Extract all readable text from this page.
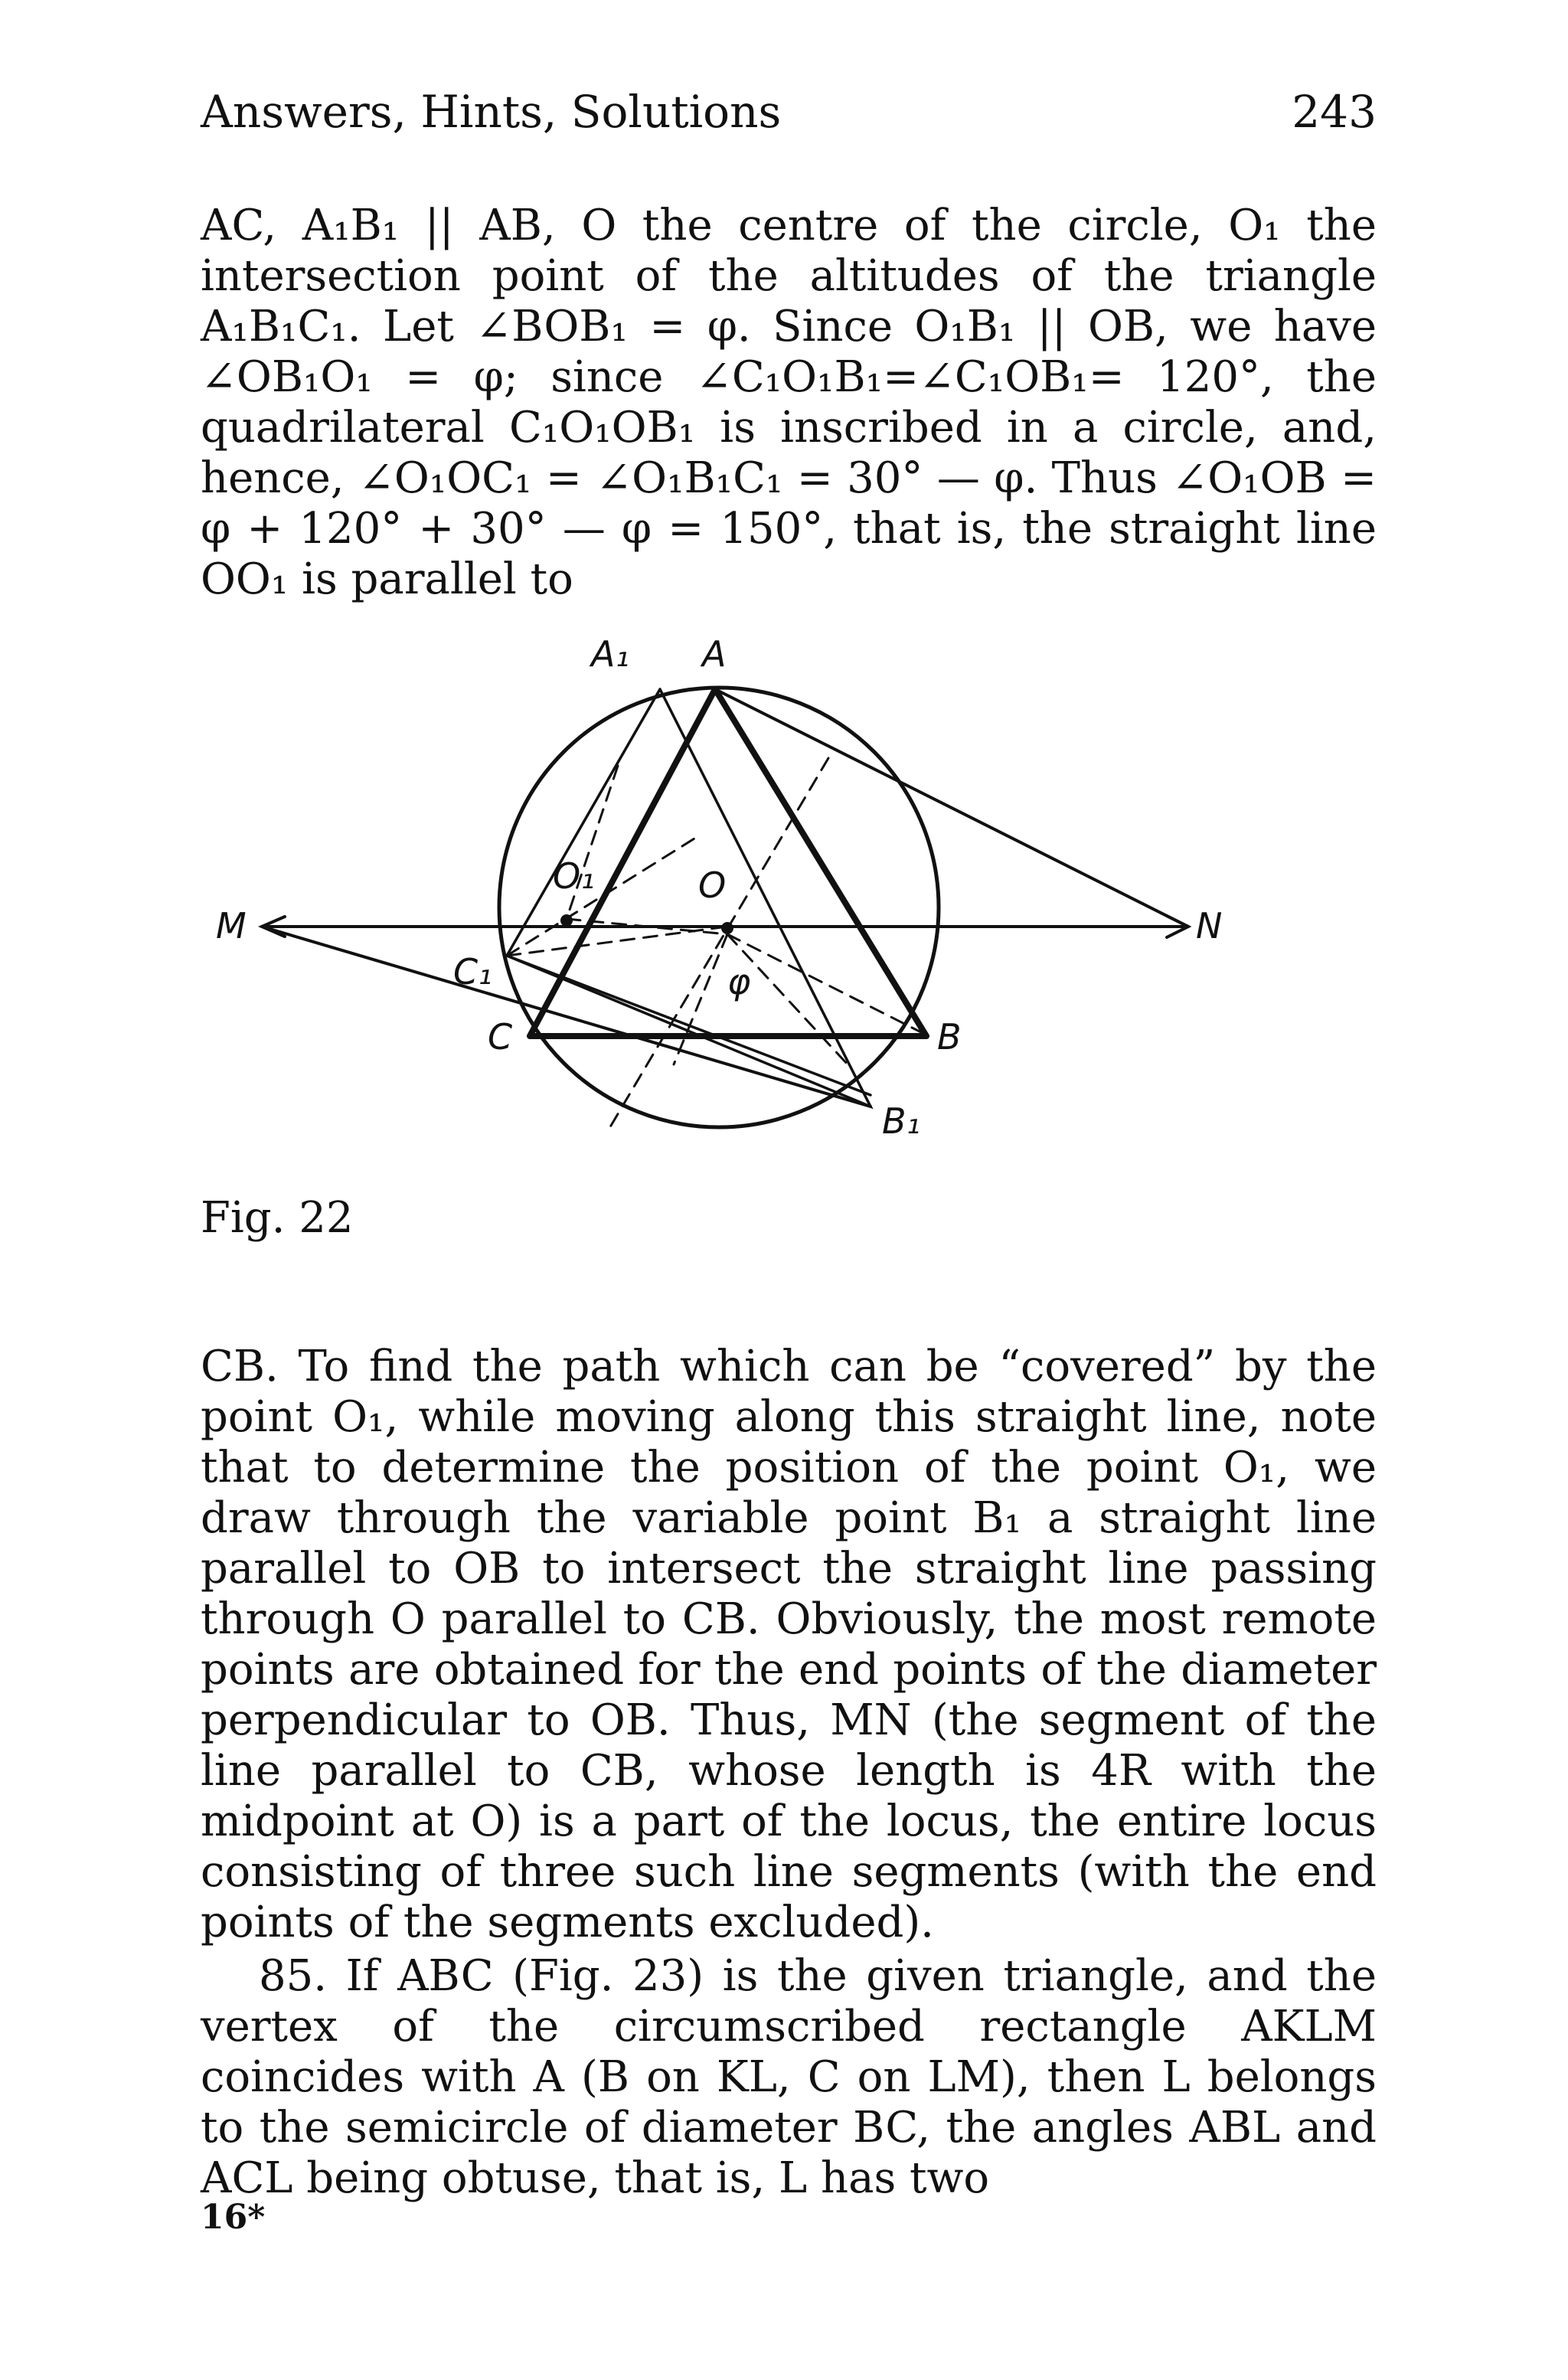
Answers, Hints, Solutions	243
AC, A₁B₁ || AB, O the centre of the circle, O₁ the intersection point of the altitudes of the triangle A₁B₁C₁. Let ∠BOB₁ = φ. Since O₁B₁ || OB, we have ∠OB₁O₁ = φ; since ∠C₁O₁B₁=∠C₁OB₁= 120°, the quadrilateral C₁O₁OB₁ is inscribed in a circle, and, hence, ∠O₁OC₁ = ∠O₁B₁C₁ = 30° — φ. Thus ∠O₁OB = φ + 120° + 30° — φ = 150°, that is, the straight line OO₁ is parallel to
A₁ A
O₁	O
M	N
C₁
C
φ
B
B₁
Fig. 22
CB. To find the path which can be “covered” by the point O₁, while moving along this straight line, note that to determine the position of the point O₁, we draw through the variable point B₁ a straight line parallel to OB to intersect the straight line passing through O parallel to CB. Obviously, the most remote points are obtained for the end points of the diameter perpendicular to OB. Thus, MN (the segment of the line parallel to CB, whose length is 4R with the midpoint at O) is a part of the locus, the entire locus consisting of three such line segments (with the end points of the segments excluded).
85. If ABC (Fig. 23) is the given triangle, and the vertex of the circumscribed rectangle AKLM coincides with A (B on KL, C on LM), then L belongs to the semicircle of diameter BC, the angles ABL and ACL being obtuse, that is, L has two
16*
